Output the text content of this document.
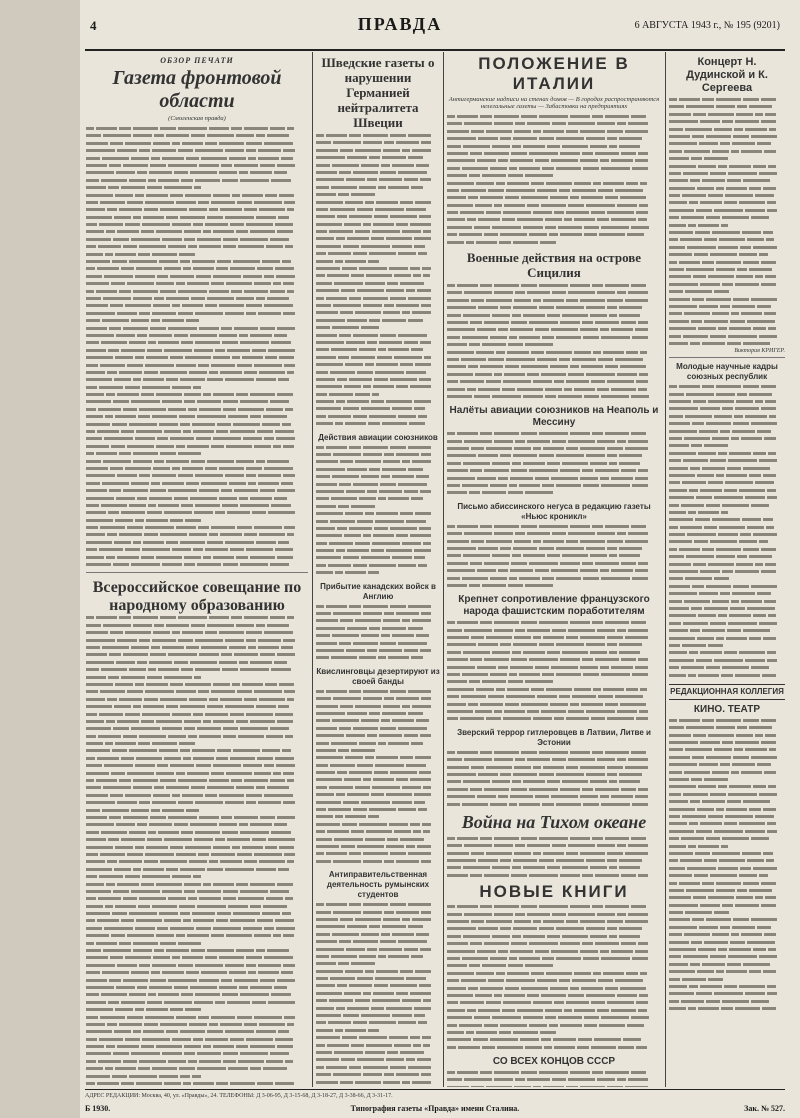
4	ПРАВДА	6 АВГУСТА 1943 г., № 195 (9201)
ОБЗОР ПЕЧАТИ
Газета фронтовой области
(Смоленская правда)
Всероссийское совещание по народному образованию
Шведские газеты о нарушении Германией нейтралитета Швеции
Действия авиации союзников
Прибытие канадских войск в Англию
Квислинговцы дезертируют из своей банды
Антиправительственная деятельность румынских студентов
ПОЛОЖЕНИЕ В ИТАЛИИ
Антигерманские надписи на стенах домов — В городах распространяются нелегальные газеты — Забастовки на предприятиях
Военные действия на острове Сицилия
Налёты авиации союзников на Неаполь и Мессину
Письмо абиссинского негуса в редакцию газеты «Ньюс кроникл»
Крепнет сопротивление французского народа фашистским поработителям
Зверский террор гитлеровцев в Латвии, Литве и Эстонии
Война на Тихом океане
НОВЫЕ КНИГИ
СО ВСЕХ КОНЦОВ СССР
Концерт Н. Дудинской и К. Сергеева
Виктория КРИГЕР.
Молодые научные кадры союзных республик
РЕДАКЦИОННАЯ КОЛЛЕГИЯ
КИНО. ТЕАТР
АДРЕС РЕДАКЦИИ: Москва, 40, ул. «Правды», 24. ТЕЛЕФОНЫ: Д 3-06-95, Д 3-15-68, Д 3-18-27, Д 3-38-66, Д 3-31-17.
Б 1930.	Типография газеты «Правда» имени Сталина.	Зак. № 527.
